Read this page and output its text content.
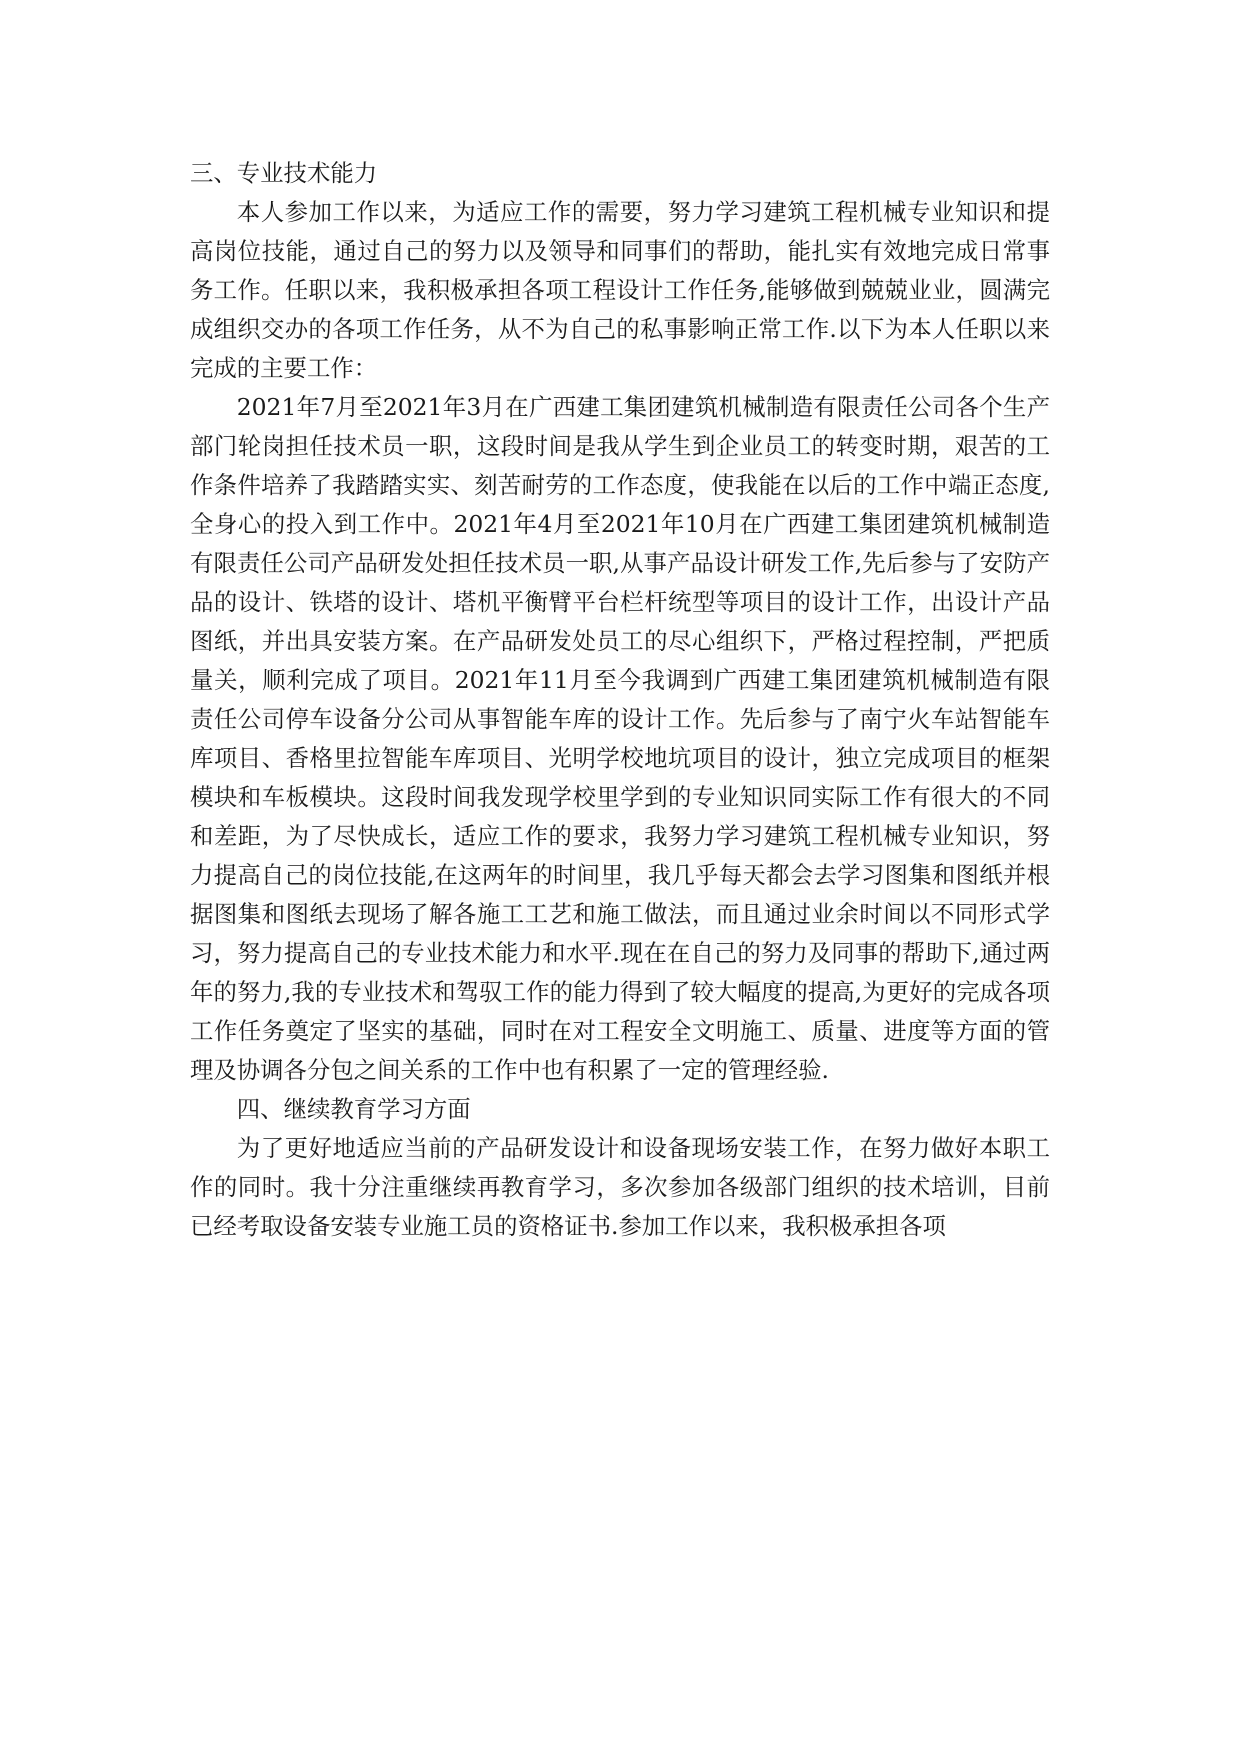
三、专业技术能力

本人参加工作以来，为适应工作的需要，努力学习建筑工程机械专业知识和提高岗位技能，通过自己的努力以及领导和同事们的帮助，能扎实有效地完成日常事务工作。任职以来，我积极承担各项工程设计工作任务,能够做到兢兢业业，圆满完成组织交办的各项工作任务，从不为自己的私事影响正常工作.以下为本人任职以来完成的主要工作：

2021年7月至2021年3月在广西建工集团建筑机械制造有限责任公司各个生产部门轮岗担任技术员一职，这段时间是我从学生到企业员工的转变时期，艰苦的工作条件培养了我踏踏实实、刻苦耐劳的工作态度，使我能在以后的工作中端正态度,全身心的投入到工作中。2021年4月至2021年10月在广西建工集团建筑机械制造有限责任公司产品研发处担任技术员一职,从事产品设计研发工作,先后参与了安防产品的设计、铁塔的设计、塔机平衡臂平台栏杆统型等项目的设计工作，出设计产品图纸，并出具安装方案。在产品研发处员工的尽心组织下，严格过程控制，严把质量关，顺利完成了项目。2021年11月至今我调到广西建工集团建筑机械制造有限责任公司停车设备分公司从事智能车库的设计工作。先后参与了南宁火车站智能车库项目、香格里拉智能车库项目、光明学校地坑项目的设计，独立完成项目的框架模块和车板模块。这段时间我发现学校里学到的专业知识同实际工作有很大的不同和差距，为了尽快成长，适应工作的要求，我努力学习建筑工程机械专业知识，努力提高自己的岗位技能,在这两年的时间里，我几乎每天都会去学习图集和图纸并根据图集和图纸去现场了解各施工工艺和施工做法，而且通过业余时间以不同形式学习，努力提高自己的专业技术能力和水平.现在在自己的努力及同事的帮助下,通过两年的努力,我的专业技术和驾驭工作的能力得到了较大幅度的提高,为更好的完成各项工作任务奠定了坚实的基础，同时在对工程安全文明施工、质量、进度等方面的管理及协调各分包之间关系的工作中也有积累了一定的管理经验.

四、继续教育学习方面

为了更好地适应当前的产品研发设计和设备现场安装工作，在努力做好本职工作的同时。我十分注重继续再教育学习，多次参加各级部门组织的技术培训，目前已经考取设备安装专业施工员的资格证书.参加工作以来，我积极承担各项
